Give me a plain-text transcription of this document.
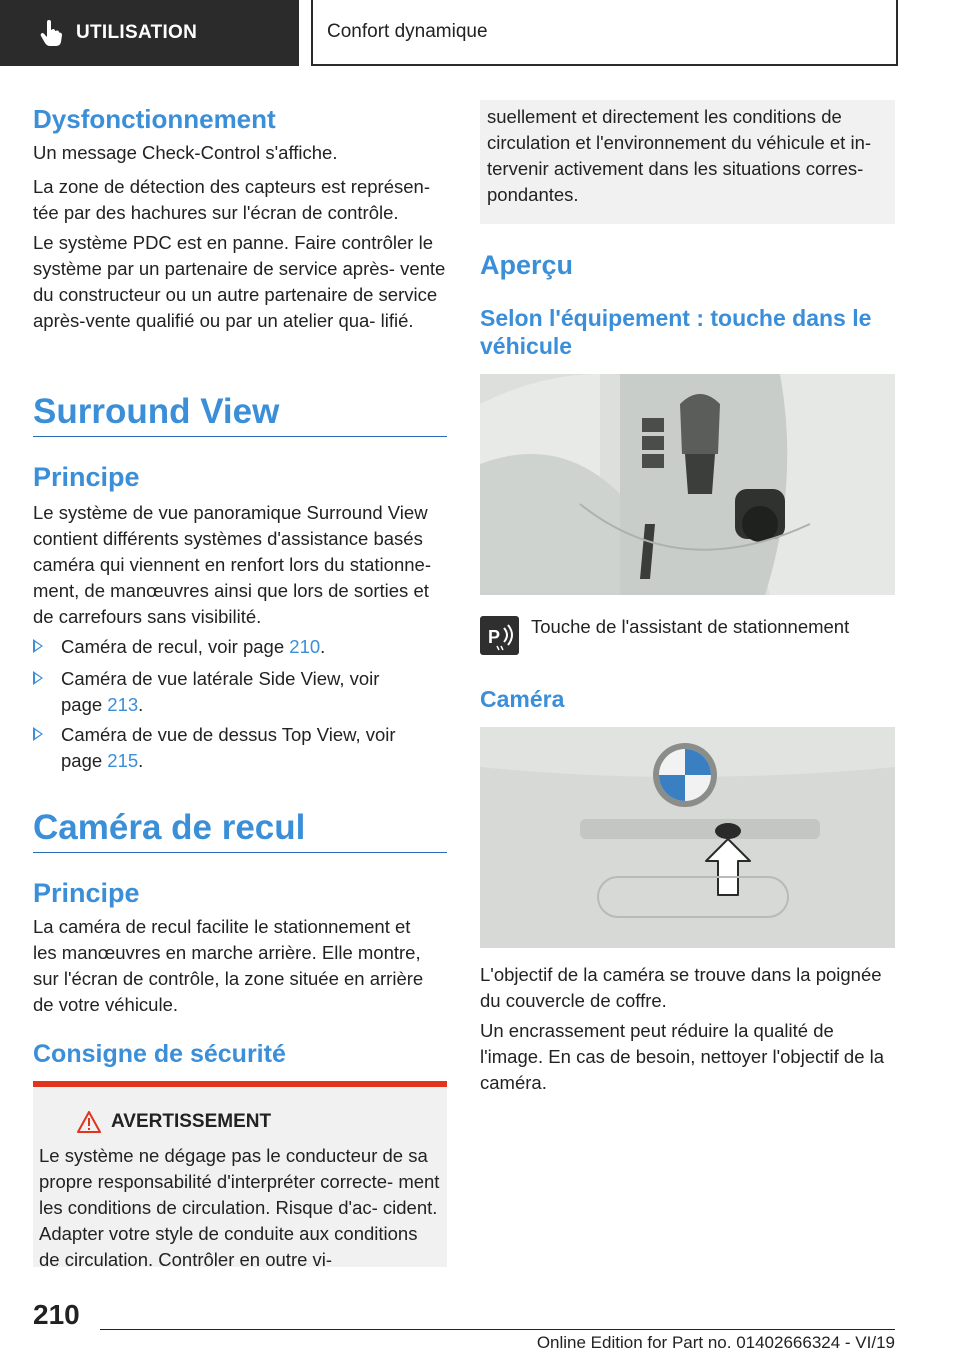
UTILISATION	Confort dynamique
Dysfonctionnement

Un message Check-Control s'affiche.

La zone de détection des capteurs est représen‐ tée par des hachures sur l'écran de contrôle.

Le système PDC est en panne. Faire contrôler le système par un partenaire de service après- vente du constructeur ou un autre partenaire de service après-vente qualifié ou par un atelier qua‐ lifié.

Surround View
Principe

Le système de vue panoramique Surround View contient différents systèmes d'assistance basés caméra qui viennent en renfort lors du stationne‐ ment, de manœuvres ainsi que lors de sorties et de carrefours sans visibilité.

Caméra de recul, voir page 210.

Caméra de vue latérale Side View, voir page 213.

Caméra de vue de dessus Top View, voir page 215.

Caméra de recul
Principe

La caméra de recul facilite le stationnement et les manœuvres en marche arrière. Elle montre, sur l'écran de contrôle, la zone située en arrière de votre véhicule.

Consigne de sécurité
AVERTISSEMENT

Le système ne dégage pas le conducteur de sa propre responsabilité d'interpréter correcte‐ ment les conditions de circulation. Risque d'ac‐ cident. Adapter votre style de conduite aux conditions de circulation. Contrôler en outre vi‐

suellement et directement les conditions de circulation et l'environnement du véhicule et in‐ tervenir activement dans les situations corres‐ pondantes.

Aperçu
Selon l'équipement : touche dans le véhicule
P Touche de l'assistant de stationnement

Caméra

L'objectif de la caméra se trouve dans la poignée du couvercle de coffre.

Un encrassement peut réduire la qualité de l'image. En cas de besoin, nettoyer l'objectif de la caméra.

210
Online Edition for Part no. 01402666324 - VI/19
